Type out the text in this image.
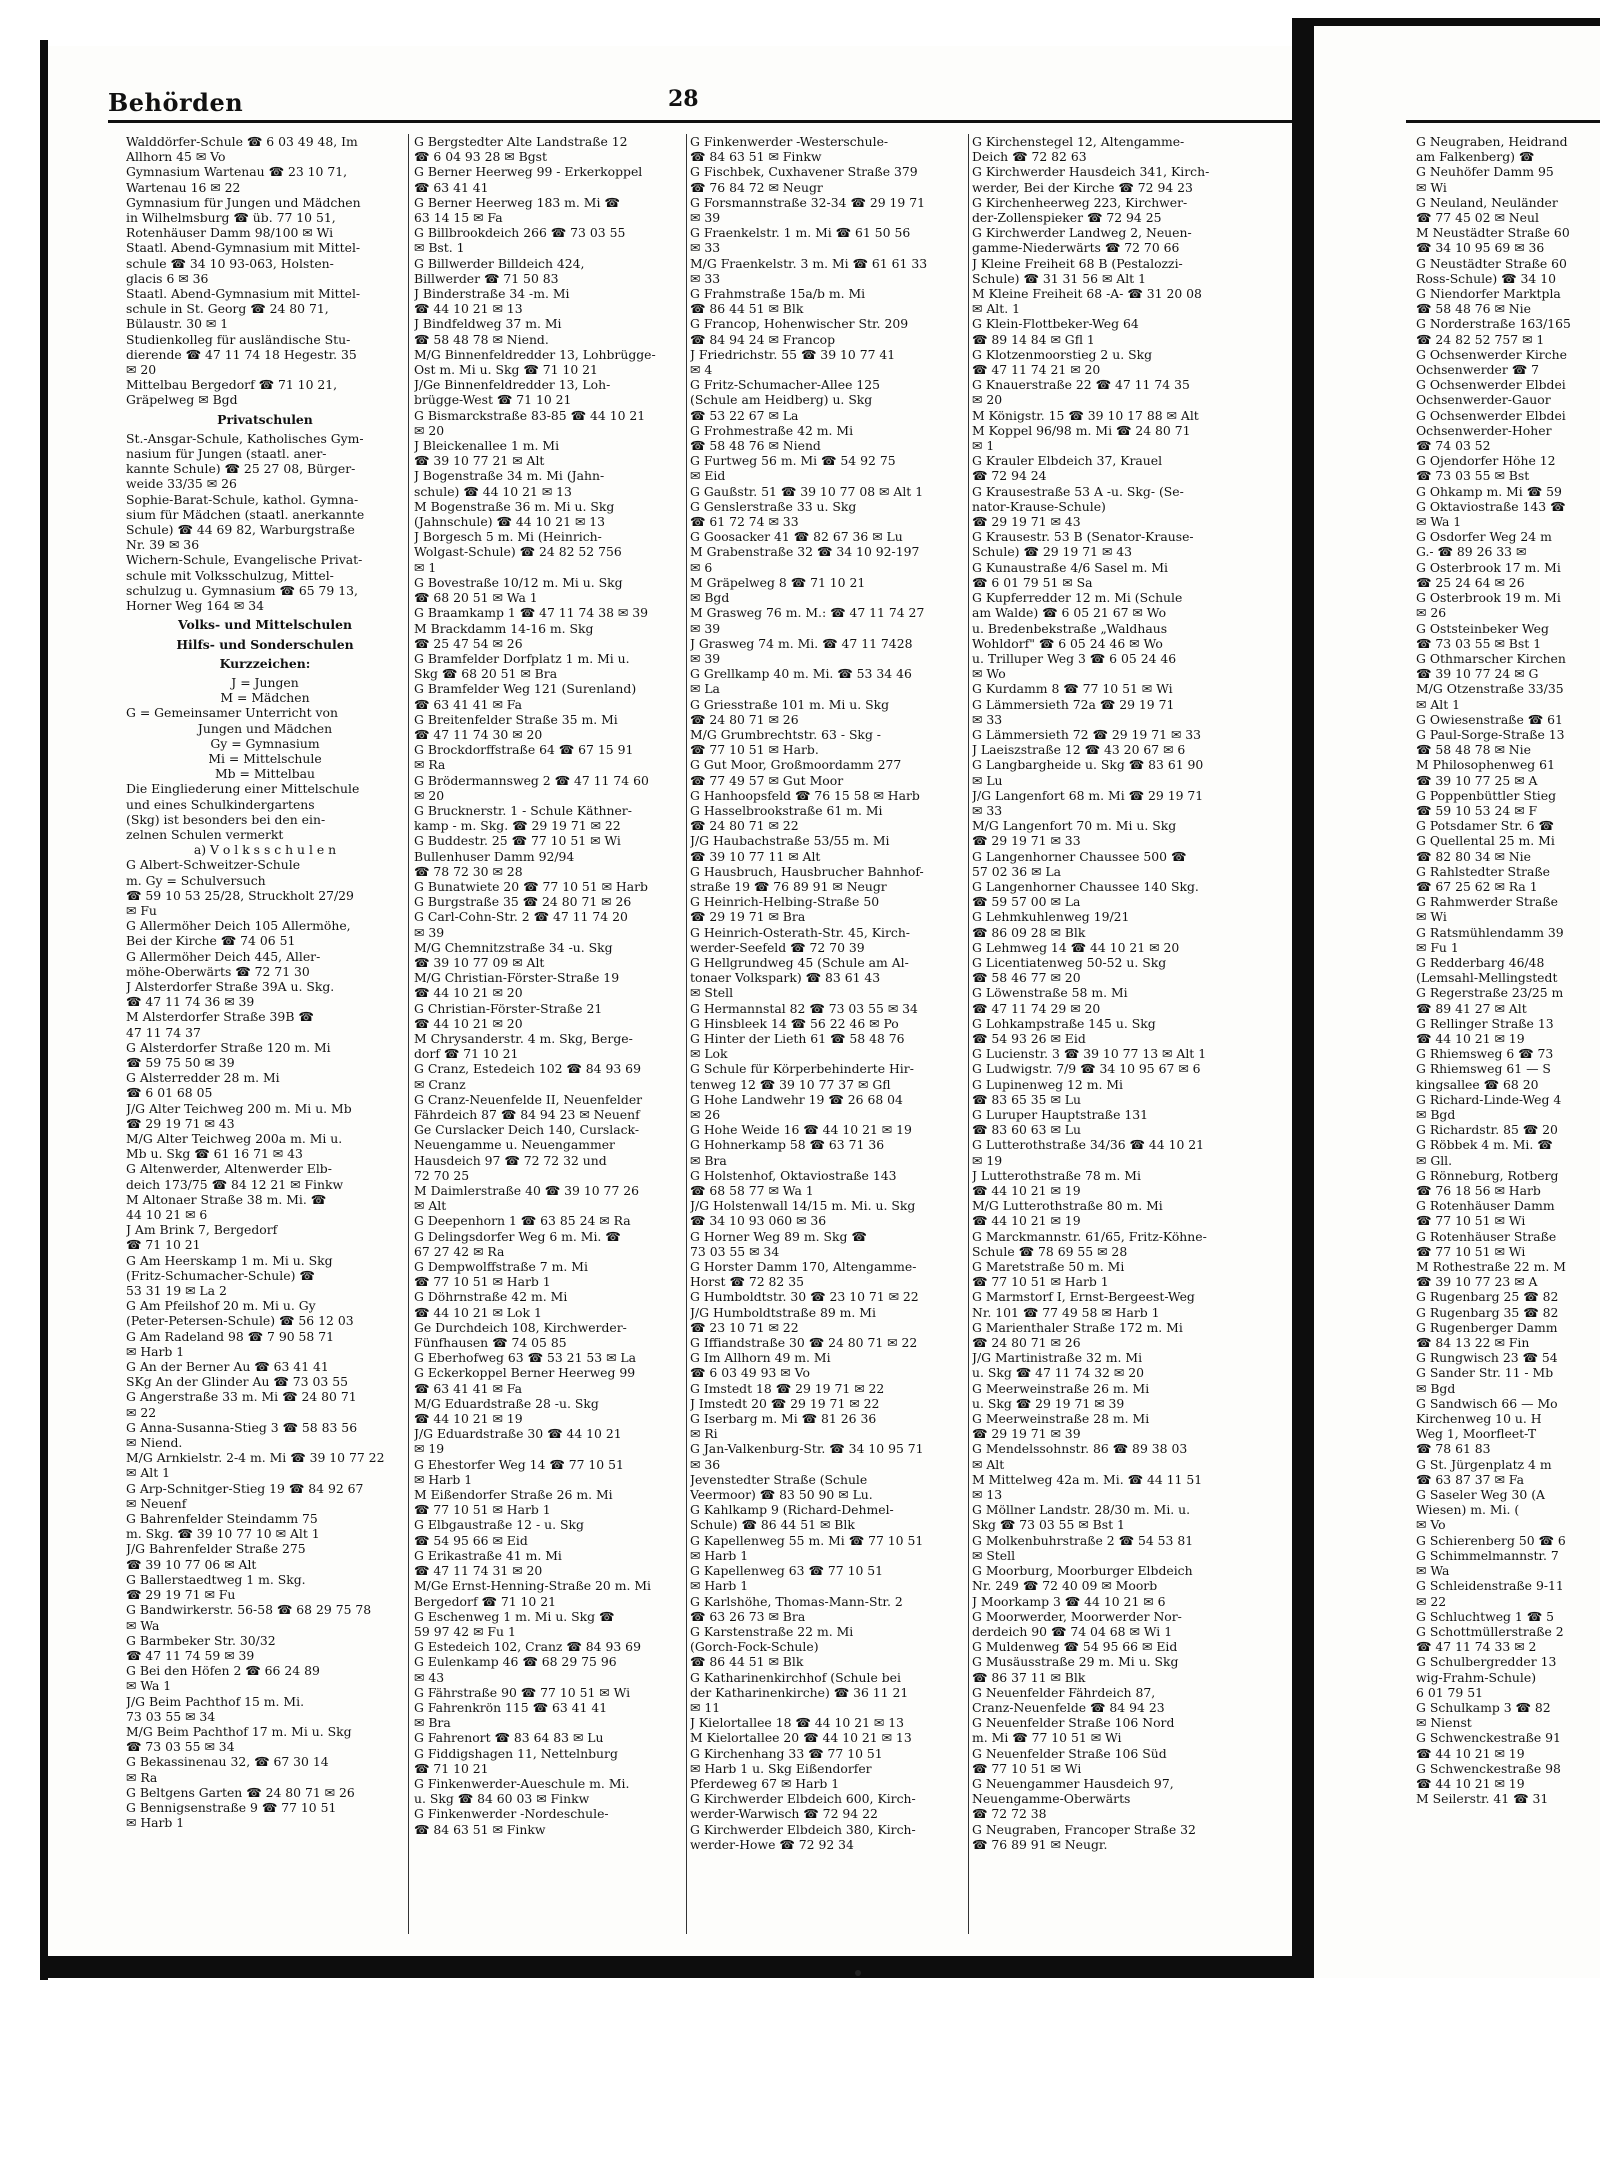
Behörden	28
Walddörfer-Schule ☎ 6 03 49 48, Im
Allhorn 45 ✉ Vo
Gymnasium Wartenau ☎ 23 10 71,
Wartenau 16 ✉ 22
Gymnasium für Jungen und Mädchen
in Wilhelmsburg ☎ üb. 77 10 51,
Rotenhäuser Damm 98/100 ✉ Wi
Staatl. Abend-Gymnasium mit Mittel-
schule ☎ 34 10 93-063, Holsten-
glacis 6 ✉ 36
Staatl. Abend-Gymnasium mit Mittel-
schule in St. Georg ☎ 24 80 71,
Bülaustr. 30 ✉ 1
Studienkolleg für ausländische Stu-
dierende ☎ 47 11 74 18 Hegestr. 35
✉ 20
Mittelbau Bergedorf ☎ 71 10 21,
Gräpelweg ✉ Bgd
Privatschulen
St.-Ansgar-Schule, Katholisches Gym-
nasium für Jungen (staatl. aner-
kannte Schule) ☎ 25 27 08, Bürger-
weide 33/35 ✉ 26
Sophie-Barat-Schule, kathol. Gymna-
sium für Mädchen (staatl. anerkannte
Schule) ☎ 44 69 82, Warburgstraße
Nr. 39 ✉ 36
Wichern-Schule, Evangelische Privat-
schule mit Volksschulzug, Mittel-
schulzug u. Gymnasium ☎ 65 79 13,
Horner Weg 164 ✉ 34
Volks- und Mittelschulen
Hilfs- und Sonderschulen
Kurzzeichen:
J = Jungen
M = Mädchen
G = Gemeinsamer Unterricht von
Jungen und Mädchen
Gy = Gymnasium
Mi = Mittelschule
Mb = Mittelbau
Die Eingliederung einer Mittelschule
und eines Schulkindergartens
(Skg) ist besonders bei den ein-
zelnen Schulen vermerkt
a) V o l k s s c h u l e n
G Albert-Schweitzer-Schule
m. Gy = Schulversuch
☎ 59 10 53 25/28, Struckholt 27/29
✉ Fu
G Allermöher Deich 105 Allermöhe,
Bei der Kirche ☎ 74 06 51
G Allermöher Deich 445, Aller-
möhe-Oberwärts ☎ 72 71 30
J Alsterdorfer Straße 39A u. Skg.
☎ 47 11 74 36 ✉ 39
M Alsterdorfer Straße 39B ☎
47 11 74 37
G Alsterdorfer Straße 120 m. Mi
☎ 59 75 50 ✉ 39
G Alsterredder 28 m. Mi
☎ 6 01 68 05
J/G Alter Teichweg 200 m. Mi u. Mb
☎ 29 19 71 ✉ 43
M/G Alter Teichweg 200a m. Mi u.
Mb u. Skg ☎ 61 16 71 ✉ 43
G Altenwerder, Altenwerder Elb-
deich 173/75 ☎ 84 12 21 ✉ Finkw
M Altonaer Straße 38 m. Mi. ☎
44 10 21 ✉ 6
J Am Brink 7, Bergedorf
☎ 71 10 21
G Am Heerskamp 1 m. Mi u. Skg
(Fritz-Schumacher-Schule) ☎
53 31 19 ✉ La 2
G Am Pfeilshof 20 m. Mi u. Gy
(Peter-Petersen-Schule) ☎ 56 12 03
G Am Radeland 98 ☎ 7 90 58 71
✉ Harb 1
G An der Berner Au ☎ 63 41 41
SKg An der Glinder Au ☎ 73 03 55
G Angerstraße 33 m. Mi ☎ 24 80 71
✉ 22
G Anna-Susanna-Stieg 3 ☎ 58 83 56
✉ Niend.
M/G Arnkielstr. 2-4 m. Mi ☎ 39 10 77 22
✉ Alt 1
G Arp-Schnitger-Stieg 19 ☎ 84 92 67
✉ Neuenf
G Bahrenfelder Steindamm 75
m. Skg. ☎ 39 10 77 10 ✉ Alt 1
J/G Bahrenfelder Straße 275
☎ 39 10 77 06 ✉ Alt
G Ballerstaedtweg 1 m. Skg.
☎ 29 19 71 ✉ Fu
G Bandwirkerstr. 56-58 ☎ 68 29 75 78
✉ Wa
G Barmbeker Str. 30/32
☎ 47 11 74 59 ✉ 39
G Bei den Höfen 2 ☎ 66 24 89
✉ Wa 1
J/G Beim Pachthof 15 m. Mi.
73 03 55 ✉ 34
M/G Beim Pachthof 17 m. Mi u. Skg
☎ 73 03 55 ✉ 34
G Bekassinenau 32, ☎ 67 30 14
✉ Ra
G Beltgens Garten ☎ 24 80 71 ✉ 26
G Bennigsenstraße 9 ☎ 77 10 51
✉ Harb 1
G Bergstedter Alte Landstraße 12
☎ 6 04 93 28 ✉ Bgst
G Berner Heerweg 99 - Erkerkoppel
☎ 63 41 41
G Berner Heerweg 183 m. Mi ☎
63 14 15 ✉ Fa
G Billbrookdeich 266 ☎ 73 03 55
✉ Bst. 1
G Billwerder Billdeich 424,
Billwerder ☎ 71 50 83
J Binderstraße 34 -m. Mi
☎ 44 10 21 ✉ 13
J Bindfeldweg 37 m. Mi
☎ 58 48 78 ✉ Niend.
M/G Binnenfeldredder 13, Lohbrügge-
Ost m. Mi u. Skg ☎ 71 10 21
J/Ge Binnenfeldredder 13, Loh-
brügge-West ☎ 71 10 21
G Bismarckstraße 83-85 ☎ 44 10 21
✉ 20
J Bleickenallee 1 m. Mi
☎ 39 10 77 21 ✉ Alt
J Bogenstraße 34 m. Mi (Jahn-
schule) ☎ 44 10 21 ✉ 13
M Bogenstraße 36 m. Mi u. Skg
(Jahnschule) ☎ 44 10 21 ✉ 13
J Borgesch 5 m. Mi (Heinrich-
Wolgast-Schule) ☎ 24 82 52 756
✉ 1
G Bovestraße 10/12 m. Mi u. Skg
☎ 68 20 51 ✉ Wa 1
G Braamkamp 1 ☎ 47 11 74 38 ✉ 39
M Brackdamm 14-16 m. Skg
☎ 25 47 54 ✉ 26
G Bramfelder Dorfplatz 1 m. Mi u.
Skg ☎ 68 20 51 ✉ Bra
G Bramfelder Weg 121 (Surenland)
☎ 63 41 41 ✉ Fa
G Breitenfelder Straße 35 m. Mi
☎ 47 11 74 30 ✉ 20
G Brockdorffstraße 64 ☎ 67 15 91
✉ Ra
G Brödermannsweg 2 ☎ 47 11 74 60
✉ 20
G Brucknerstr. 1 - Schule Käthner-
kamp - m. Skg. ☎ 29 19 71 ✉ 22
G Buddestr. 25 ☎ 77 10 51 ✉ Wi
Bullenhuser Damm 92/94
☎ 78 72 30 ✉ 28
G Bunatwiete 20 ☎ 77 10 51 ✉ Harb
G Burgstraße 35 ☎ 24 80 71 ✉ 26
G Carl-Cohn-Str. 2 ☎ 47 11 74 20
✉ 39
M/G Chemnitzstraße 34 -u. Skg
☎ 39 10 77 09 ✉ Alt
M/G Christian-Förster-Straße 19
☎ 44 10 21 ✉ 20
G Christian-Förster-Straße 21
☎ 44 10 21 ✉ 20
M Chrysanderstr. 4 m. Skg, Berge-
dorf ☎ 71 10 21
G Cranz, Estedeich 102 ☎ 84 93 69
✉ Cranz
G Cranz-Neuenfelde II, Neuenfelder
Fährdeich 87 ☎ 84 94 23 ✉ Neuenf
Ge Curslacker Deich 140, Curslack-
Neuengamme u. Neuengammer
Hausdeich 97 ☎ 72 72 32 und
72 70 25
M Daimlerstraße 40 ☎ 39 10 77 26
✉ Alt
G Deepenhorn 1 ☎ 63 85 24 ✉ Ra
G Delingsdorfer Weg 6 m. Mi. ☎
67 27 42 ✉ Ra
G Dempwolffstraße 7 m. Mi
☎ 77 10 51 ✉ Harb 1
G Döhrnstraße 42 m. Mi
☎ 44 10 21 ✉ Lok 1
Ge Durchdeich 108, Kirchwerder-
Fünfhausen ☎ 74 05 85
G Eberhofweg 63 ☎ 53 21 53 ✉ La
G Eckerkoppel Berner Heerweg 99
☎ 63 41 41 ✉ Fa
M/G Eduardstraße 28 -u. Skg
☎ 44 10 21 ✉ 19
J/G Eduardstraße 30 ☎ 44 10 21
✉ 19
G Ehestorfer Weg 14 ☎ 77 10 51
✉ Harb 1
M Eißendorfer Straße 26 m. Mi
☎ 77 10 51 ✉ Harb 1
G Elbgaustraße 12 - u. Skg
☎ 54 95 66 ✉ Eid
G Erikastraße 41 m. Mi
☎ 47 11 74 31 ✉ 20
M/Ge Ernst-Henning-Straße 20 m. Mi
Bergedorf ☎ 71 10 21
G Eschenweg 1 m. Mi u. Skg ☎
59 97 42 ✉ Fu 1
G Estedeich 102, Cranz ☎ 84 93 69
G Eulenkamp 46 ☎ 68 29 75 96
✉ 43
G Fährstraße 90 ☎ 77 10 51 ✉ Wi
G Fahrenkrön 115 ☎ 63 41 41
✉ Bra
G Fahrenort ☎ 83 64 83 ✉ Lu
G Fiddigshagen 11, Nettelnburg
☎ 71 10 21
G Finkenwerder-Aueschule m. Mi.
u. Skg ☎ 84 60 03 ✉ Finkw
G Finkenwerder -Nordeschule-
☎ 84 63 51 ✉ Finkw
G Finkenwerder -Westerschule-
☎ 84 63 51 ✉ Finkw
G Fischbek, Cuxhavener Straße 379
☎ 76 84 72 ✉ Neugr
G Forsmannstraße 32-34 ☎ 29 19 71
✉ 39
G Fraenkelstr. 1 m. Mi ☎ 61 50 56
✉ 33
M/G Fraenkelstr. 3 m. Mi ☎ 61 61 33
✉ 33
G Frahmstraße 15a/b m. Mi
☎ 86 44 51 ✉ Blk
G Francop, Hohenwischer Str. 209
☎ 84 94 24 ✉ Francop
J Friedrichstr. 55 ☎ 39 10 77 41
✉ 4
G Fritz-Schumacher-Allee 125
(Schule am Heidberg) u. Skg
☎ 53 22 67 ✉ La
G Frohmestraße 42 m. Mi
☎ 58 48 76 ✉ Niend
G Furtweg 56 m. Mi ☎ 54 92 75
✉ Eid
G Gaußstr. 51 ☎ 39 10 77 08 ✉ Alt 1
G Genslerstraße 33 u. Skg
☎ 61 72 74 ✉ 33
G Goosacker 41 ☎ 82 67 36 ✉ Lu
M Grabenstraße 32 ☎ 34 10 92-197
✉ 6
M Gräpelweg 8 ☎ 71 10 21
✉ Bgd
M Grasweg 76 m. M.: ☎ 47 11 74 27
✉ 39
J Grasweg 74 m. Mi. ☎ 47 11 7428
✉ 39
G Grellkamp 40 m. Mi. ☎ 53 34 46
✉ La
G Griesstraße 101 m. Mi u. Skg
☎ 24 80 71 ✉ 26
M/G Grumbrechtstr. 63 - Skg -
☎ 77 10 51 ✉ Harb.
G Gut Moor, Großmoordamm 277
☎ 77 49 57 ✉ Gut Moor
G Hanhoopsfeld ☎ 76 15 58 ✉ Harb
G Hasselbrookstraße 61 m. Mi
☎ 24 80 71 ✉ 22
J/G Haubachstraße 53/55 m. Mi
☎ 39 10 77 11 ✉ Alt
G Hausbruch, Hausbrucher Bahnhof-
straße 19 ☎ 76 89 91 ✉ Neugr
G Heinrich-Helbing-Straße 50
☎ 29 19 71 ✉ Bra
G Heinrich-Osterath-Str. 45, Kirch-
werder-Seefeld ☎ 72 70 39
G Hellgrundweg 45 (Schule am Al-
tonaer Volkspark) ☎ 83 61 43
✉ Stell
G Hermannstal 82 ☎ 73 03 55 ✉ 34
G Hinsbleek 14 ☎ 56 22 46 ✉ Po
G Hinter der Lieth 61 ☎ 58 48 76
✉ Lok
G Schule für Körperbehinderte Hir-
tenweg 12 ☎ 39 10 77 37 ✉ Gfl
G Hohe Landwehr 19 ☎ 26 68 04
✉ 26
G Hohe Weide 16 ☎ 44 10 21 ✉ 19
G Hohnerkamp 58 ☎ 63 71 36
✉ Bra
G Holstenhof, Oktaviostraße 143
☎ 68 58 77 ✉ Wa 1
J/G Holstenwall 14/15 m. Mi. u. Skg
☎ 34 10 93 060 ✉ 36
G Horner Weg 89 m. Skg ☎
73 03 55 ✉ 34
G Horster Damm 170, Altengamme-
Horst ☎ 72 82 35
G Humboldtstr. 30 ☎ 23 10 71 ✉ 22
J/G Humboldtstraße 89 m. Mi
☎ 23 10 71 ✉ 22
G Iffiandstraße 30 ☎ 24 80 71 ✉ 22
G Im Allhorn 49 m. Mi
☎ 6 03 49 93 ✉ Vo
G Imstedt 18 ☎ 29 19 71 ✉ 22
J Imstedt 20 ☎ 29 19 71 ✉ 22
G Iserbarg m. Mi ☎ 81 26 36
✉ Ri
G Jan-Valkenburg-Str. ☎ 34 10 95 71
✉ 36
Jevenstedter Straße (Schule
Veermoor) ☎ 83 50 90 ✉ Lu.
G Kahlkamp 9 (Richard-Dehmel-
Schule) ☎ 86 44 51 ✉ Blk
G Kapellenweg 55 m. Mi ☎ 77 10 51
✉ Harb 1
G Kapellenweg 63 ☎ 77 10 51
✉ Harb 1
G Karlshöhe, Thomas-Mann-Str. 2
☎ 63 26 73 ✉ Bra
G Karstenstraße 22 m. Mi
(Gorch-Fock-Schule)
☎ 86 44 51 ✉ Blk
G Katharinenkirchhof (Schule bei
der Katharinenkirche) ☎ 36 11 21
✉ 11
J Kielortallee 18 ☎ 44 10 21 ✉ 13
M Kielortallee 20 ☎ 44 10 21 ✉ 13
G Kirchenhang 33 ☎ 77 10 51
✉ Harb 1 u. Skg Eißendorfer
Pferdeweg 67 ✉ Harb 1
G Kirchwerder Elbdeich 600, Kirch-
werder-Warwisch ☎ 72 94 22
G Kirchwerder Elbdeich 380, Kirch-
werder-Howe ☎ 72 92 34
G Kirchenstegel 12, Altengamme-
Deich ☎ 72 82 63
G Kirchwerder Hausdeich 341, Kirch-
werder, Bei der Kirche ☎ 72 94 23
G Kirchenheerweg 223, Kirchwer-
der-Zollenspieker ☎ 72 94 25
G Kirchwerder Landweg 2, Neuen-
gamme-Niederwärts ☎ 72 70 66
J Kleine Freiheit 68 B (Pestalozzi-
Schule) ☎ 31 31 56 ✉ Alt 1
M Kleine Freiheit 68 -A- ☎ 31 20 08
✉ Alt. 1
G Klein-Flottbeker-Weg 64
☎ 89 14 84 ✉ Gfl 1
G Klotzenmoorstieg 2 u. Skg
☎ 47 11 74 21 ✉ 20
G Knauerstraße 22 ☎ 47 11 74 35
✉ 20
M Königstr. 15 ☎ 39 10 17 88 ✉ Alt
M Koppel 96/98 m. Mi ☎ 24 80 71
✉ 1
G Krauler Elbdeich 37, Krauel
☎ 72 94 24
G Krausestraße 53 A -u. Skg- (Se-
nator-Krause-Schule)
☎ 29 19 71 ✉ 43
G Krausestr. 53 B (Senator-Krause-
Schule) ☎ 29 19 71 ✉ 43
G Kunaustraße 4/6 Sasel m. Mi
☎ 6 01 79 51 ✉ Sa
G Kupferredder 12 m. Mi (Schule
am Walde) ☎ 6 05 21 67 ✉ Wo
u. Bredenbekstraße „Waldhaus
Wohldorf" ☎ 6 05 24 46 ✉ Wo
u. Trilluper Weg 3 ☎ 6 05 24 46
✉ Wo
G Kurdamm 8 ☎ 77 10 51 ✉ Wi
G Lämmersieth 72a ☎ 29 19 71
✉ 33
G Lämmersieth 72 ☎ 29 19 71 ✉ 33
J Laeiszstraße 12 ☎ 43 20 67 ✉ 6
G Langbargheide u. Skg ☎ 83 61 90
✉ Lu
J/G Langenfort 68 m. Mi ☎ 29 19 71
✉ 33
M/G Langenfort 70 m. Mi u. Skg
☎ 29 19 71 ✉ 33
G Langenhorner Chaussee 500 ☎
57 02 36 ✉ La
G Langenhorner Chaussee 140 Skg.
☎ 59 57 00 ✉ La
G Lehmkuhlenweg 19/21
☎ 86 09 28 ✉ Blk
G Lehmweg 14 ☎ 44 10 21 ✉ 20
G Licentiatenweg 50-52 u. Skg
☎ 58 46 77 ✉ 20
G Löwenstraße 58 m. Mi
☎ 47 11 74 29 ✉ 20
G Lohkampstraße 145 u. Skg
☎ 54 93 26 ✉ Eid
G Lucienstr. 3 ☎ 39 10 77 13 ✉ Alt 1
G Ludwigstr. 7/9 ☎ 34 10 95 67 ✉ 6
G Lupinenweg 12 m. Mi
☎ 83 65 35 ✉ Lu
G Luruper Hauptstraße 131
☎ 83 60 63 ✉ Lu
G Lutterothstraße 34/36 ☎ 44 10 21
✉ 19
J Lutterothstraße 78 m. Mi
☎ 44 10 21 ✉ 19
M/G Lutterothstraße 80 m. Mi
☎ 44 10 21 ✉ 19
G Marckmannstr. 61/65, Fritz-Köhne-
Schule ☎ 78 69 55 ✉ 28
G Maretstraße 50 m. Mi
☎ 77 10 51 ✉ Harb 1
G Marmstorf I, Ernst-Bergeest-Weg
Nr. 101 ☎ 77 49 58 ✉ Harb 1
G Marienthaler Straße 172 m. Mi
☎ 24 80 71 ✉ 26
J/G Martinistraße 32 m. Mi
u. Skg ☎ 47 11 74 32 ✉ 20
G Meerweinstraße 26 m. Mi
u. Skg ☎ 29 19 71 ✉ 39
G Meerweinstraße 28 m. Mi
☎ 29 19 71 ✉ 39
G Mendelssohnstr. 86 ☎ 89 38 03
✉ Alt
M Mittelweg 42a m. Mi. ☎ 44 11 51
✉ 13
G Möllner Landstr. 28/30 m. Mi. u.
Skg ☎ 73 03 55 ✉ Bst 1
G Molkenbuhrstraße 2 ☎ 54 53 81
✉ Stell
G Moorburg, Moorburger Elbdeich
Nr. 249 ☎ 72 40 09 ✉ Moorb
J Moorkamp 3 ☎ 44 10 21 ✉ 6
G Moorwerder, Moorwerder Nor-
derdeich 90 ☎ 74 04 68 ✉ Wi 1
G Muldenweg ☎ 54 95 66 ✉ Eid
G Musäusstraße 29 m. Mi u. Skg
☎ 86 37 11 ✉ Blk
G Neuenfelder Fährdeich 87,
Cranz-Neuenfelde ☎ 84 94 23
G Neuenfelder Straße 106 Nord
m. Mi ☎ 77 10 51 ✉ Wi
G Neuenfelder Straße 106 Süd
☎ 77 10 51 ✉ Wi
G Neuengammer Hausdeich 97,
Neuengamme-Oberwärts
☎ 72 72 38
G Neugraben, Francoper Straße 32
☎ 76 89 91 ✉ Neugr.
G Neugraben, Heidrand
am Falkenberg) ☎
G Neuhöfer Damm 95
✉ Wi
G Neuland, Neuländer
☎ 77 45 02 ✉ Neul
M Neustädter Straße 60
☎ 34 10 95 69 ✉ 36
G Neustädter Straße 60
Ross-Schule) ☎ 34 10
G Niendorfer Marktpla
☎ 58 48 76 ✉ Nie
G Norderstraße 163/165
☎ 24 82 52 757 ✉ 1
G Ochsenwerder Kirche
Ochsenwerder ☎ 7
G Ochsenwerder Elbdei
Ochsenwerder-Gauor
G Ochsenwerder Elbdei
Ochsenwerder-Hoher
☎ 74 03 52
G Ojendorfer Höhe 12
☎ 73 03 55 ✉ Bst
G Ohkamp m. Mi ☎ 59
G Oktaviostraße 143 ☎
✉ Wa 1
G Osdorfer Weg 24 m
G.- ☎ 89 26 33 ✉
G Osterbrook 17 m. Mi
☎ 25 24 64 ✉ 26
G Osterbrook 19 m. Mi
✉ 26
G Oststeinbeker Weg
☎ 73 03 55 ✉ Bst 1
G Othmarscher Kirchen
☎ 39 10 77 24 ✉ G
M/G Otzenstraße 33/35
✉ Alt 1
G Owiesenstraße ☎ 61
G Paul-Sorge-Straße 13
☎ 58 48 78 ✉ Nie
M Philosophenweg 61
☎ 39 10 77 25 ✉ A
G Poppenbüttler Stieg
☎ 59 10 53 24 ✉ F
G Potsdamer Str. 6 ☎
G Quellental 25 m. Mi
☎ 82 80 34 ✉ Nie
G Rahlstedter Straße
☎ 67 25 62 ✉ Ra 1
G Rahmwerder Straße
✉ Wi
G Ratsmühlendamm 39
✉ Fu 1
G Redderbarg 46/48
(Lemsahl-Mellingstedt
G Regerstraße 23/25 m
☎ 89 41 27 ✉ Alt
G Rellinger Straße 13
☎ 44 10 21 ✉ 19
G Rhiemsweg 6 ☎ 73
G Rhiemsweg 61 — S
kingsallee ☎ 68 20
G Richard-Linde-Weg 4
✉ Bgd
G Richardstr. 85 ☎ 20
G Röbbek 4 m. Mi. ☎
✉ Gll.
G Rönneburg, Rotberg
☎ 76 18 56 ✉ Harb
G Rotenhäuser Damm
☎ 77 10 51 ✉ Wi
G Rotenhäuser Straße
☎ 77 10 51 ✉ Wi
M Rothestraße 22 m. M
☎ 39 10 77 23 ✉ A
G Rugenbarg 25 ☎ 82
G Rugenbarg 35 ☎ 82
G Rugenberger Damm
☎ 84 13 22 ✉ Fin
G Rungwisch 23 ☎ 54
G Sander Str. 11 - Mb
✉ Bgd
G Sandwisch 66 — Mo
Kirchenweg 10 u. H
Weg 1, Moorfleet-T
☎ 78 61 83
G St. Jürgenplatz 4 m
☎ 63 87 37 ✉ Fa
G Saseler Weg 30 (A
Wiesen) m. Mi. (
✉ Vo
G Schierenberg 50 ☎ 6
G Schimmelmannstr. 7
✉ Wa
G Schleidenstraße 9-11
✉ 22
G Schluchtweg 1 ☎ 5
G Schottmüllerstraße 2
☎ 47 11 74 33 ✉ 2
G Schulbergredder 13
wig-Frahm-Schule)
6 01 79 51
G Schulkamp 3 ☎ 82
✉ Nienst
G Schwenckestraße 91
☎ 44 10 21 ✉ 19
G Schwenckestraße 98
☎ 44 10 21 ✉ 19
M Seilerstr. 41 ☎ 31
